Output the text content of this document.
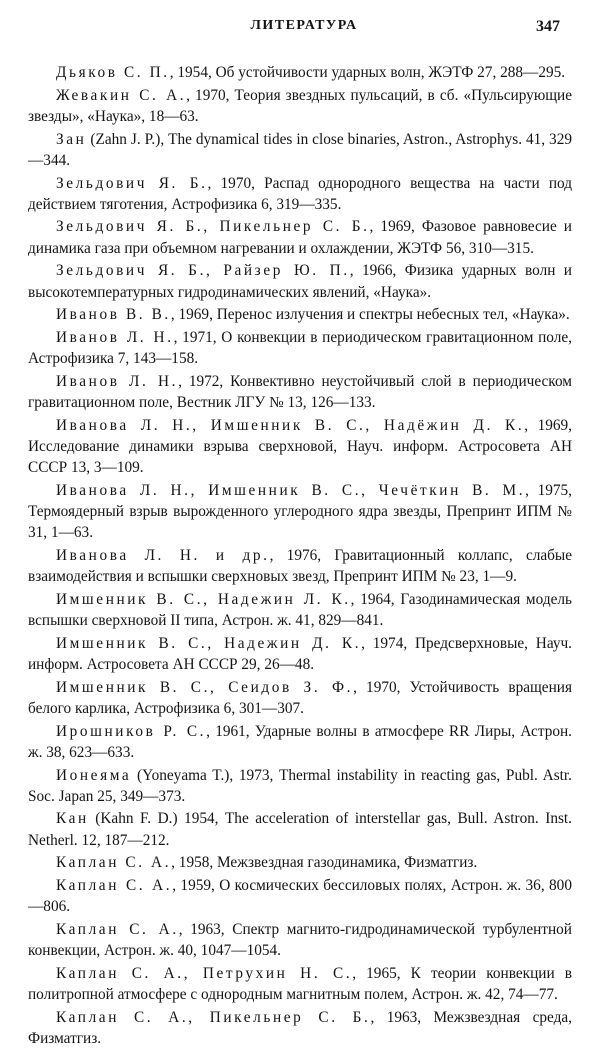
ЛИТЕРАТУРА	347
Дьяков С. П., 1954, Об устойчивости ударных волн, ЖЭТФ 27, 288—295.
Жевакин С. А., 1970, Теория звездных пульсаций, в сб. «Пульсирующие звезды», «Наука», 18—63.
Зан (Zahn J. P.), The dynamical tides in close binaries, Astron., Astrophys. 41, 329—344.
Зельдович Я. Б., 1970, Распад однородного вещества на части под действием тяготения, Астрофизика 6, 319—335.
Зельдович Я. Б., Пикельнер С. Б., 1969, Фазовое равновесие и динамика газа при объемном нагревании и охлаждении, ЖЭТФ 56, 310—315.
Зельдович Я. Б., Райзер Ю. П., 1966, Физика ударных волн и высокотемпературных гидродинамических явлений, «Наука».
Иванов В. В., 1969, Перенос излучения и спектры небесных тел, «Наука».
Иванов Л. Н., 1971, О конвекции в периодическом гравитационном поле, Астрофизика 7, 143—158.
Иванов Л. Н., 1972, Конвективно неустойчивый слой в периодическом гравитационном поле, Вестник ЛГУ № 13, 126—133.
Иванова Л. Н., Имшенник В. С., Надёжин Д. К., 1969, Исследование динамики взрыва сверхновой, Науч. информ. Астросовета АН СССР 13, 3—109.
Иванова Л. Н., Имшенник В. С., Чечёткин В. М., 1975, Термоядерный взрыв вырожденного углеродного ядра звезды, Препринт ИПМ № 31, 1—63.
Иванова Л. Н. и др., 1976, Гравитационный коллапс, слабые взаимодействия и вспышки сверхновых звезд, Препринт ИПМ № 23, 1—9.
Имшенник В. С., Надежин Л. К., 1964, Газодинамическая модель вспышки сверхновой II типа, Астрон. ж. 41, 829—841.
Имшенник В. С., Надежин Д. К., 1974, Предсверхновые, Науч. информ. Астросовета АН СССР 29, 26—48.
Имшенник В. С., Сеидов З. Ф., 1970, Устойчивость вращения белого карлика, Астрофизика 6, 301—307.
Ирошников Р. С., 1961, Ударные волны в атмосфере RR Лиры, Астрон. ж. 38, 623—633.
Ионеяма (Yoneyama T.), 1973, Thermal instability in reacting gas, Publ. Astr. Soc. Japan 25, 349—373.
Кан (Kahn F. D.) 1954, The acceleration of interstellar gas, Bull. Astron. Inst. Netherl. 12, 187—212.
Каплан С. А., 1958, Межзвездная газодинамика, Физматгиз.
Каплан С. А., 1959, О космических бессиловых полях, Астрон. ж. 36, 800—806.
Каплан С. А., 1963, Спектр магнито-гидродинамической турбулентной конвекции, Астрон. ж. 40, 1047—1054.
Каплан С. А., Петрухин Н. С., 1965, К теории конвекции в политропной атмосфере с однородным магнитным полем, Астрон. ж. 42, 74—77.
Каплан С. А., Пикельнер С. Б., 1963, Межзвездная среда, Физматгиз.
